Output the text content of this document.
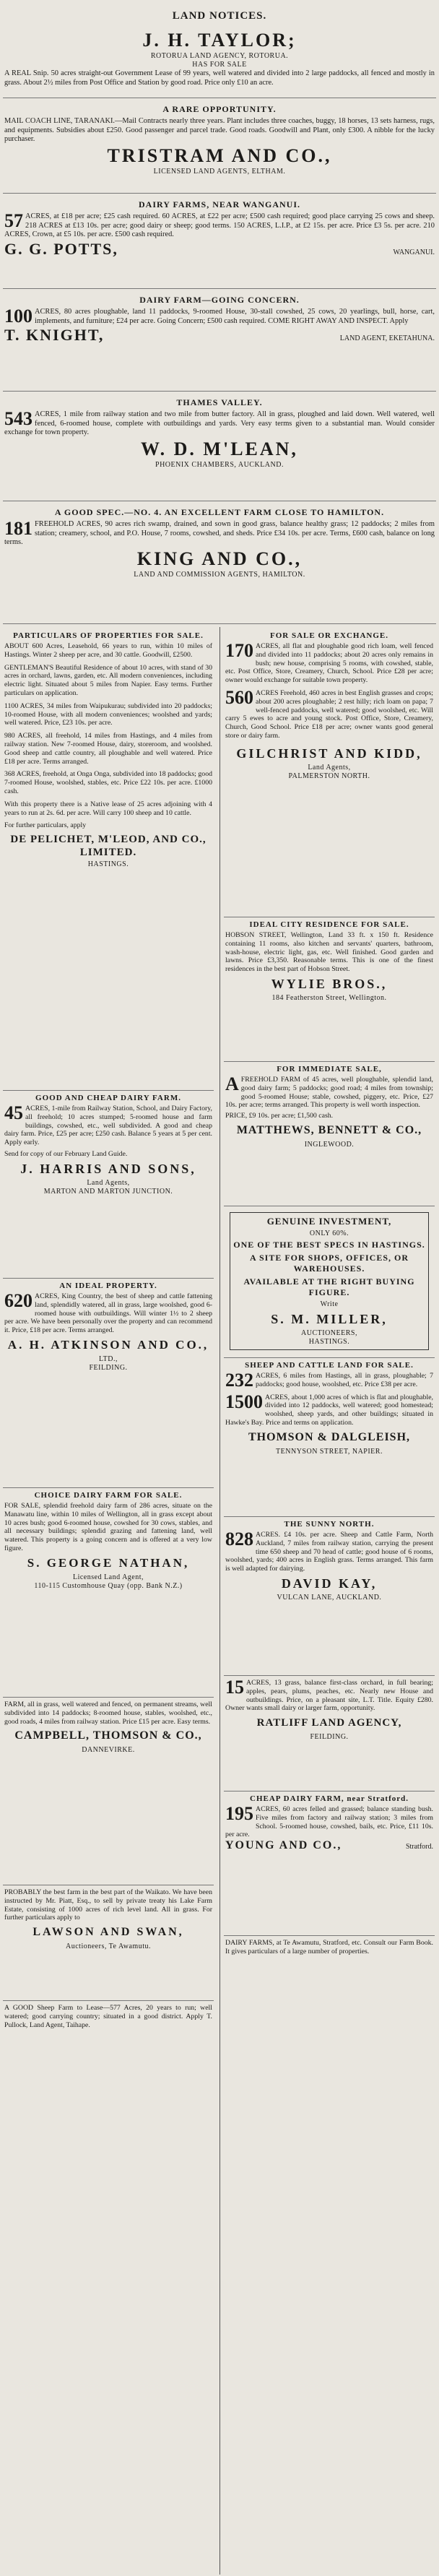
LAND NOTICES.
J. H. TAYLOR;
ROTORUA LAND AGENCY, ROTORUA.
HAS FOR SALE

A REAL Snip. 50 acres straight-out Government Lease of 99 years, well watered and divided into 2 large paddocks, all fenced and mostly in grass. About 2½ miles from Post Office and Station by good road. Price only £10 an acre.

A RARE OPPORTUNITY.

MAIL COACH LINE, TARANAKI.—Mail Contracts nearly three years. Plant includes three coaches, buggy, 18 horses, 13 sets harness, rugs, and equipments. Subsidies about £250. Good passenger and parcel trade. Good roads. Goodwill and Plant, only £300. A nibble for the lucky purchaser.

TRISTRAM AND CO.,
LICENSED LAND AGENTS, ELTHAM.
DAIRY FARMS, NEAR WANGANUI.

57 ACRES, at £18 per acre; £25 cash required. 60 ACRES, at £22 per acre; £500 cash required; good place carrying 25 cows and sheep. 218 ACRES at £13 10s. per acre; good dairy or sheep; good terms. 150 ACRES, L.I.P., at £2 15s. per acre. Price £3 5s. per acre. 210 ACRES, Crown, at £5 10s. per acre. £500 cash required.

G. G. POTTS,	WANGANUI.
DAIRY FARM—GOING CONCERN.

100 ACRES, 80 acres ploughable, land 11 paddocks, 9-roomed House, 30-stall cowshed, 25 cows, 20 yearlings, bull, horse, cart, implements, and furniture; £24 per acre. Going Concern; £500 cash required. COME RIGHT AWAY AND INSPECT. Apply

T. KNIGHT,	LAND AGENT, EKETAHUNA.
THAMES VALLEY.

543 ACRES, 1 mile from railway station and two mile from butter factory. All in grass, ploughed and laid down. Well watered, well fenced, 6-roomed house, complete with outbuildings and yards. Very easy terms given to a substantial man. Would consider exchange for town property.

W. D. M'LEAN,
PHOENIX CHAMBERS, AUCKLAND.
A GOOD SPEC.—NO. 4. AN EXCELLENT FARM CLOSE TO HAMILTON.

181 FREEHOLD ACRES, 90 acres rich swamp, drained, and sown in good grass, balance healthy grass; 12 paddocks; 2 miles from station; creamery, school, and P.O. House, 7 rooms, cowshed, and sheds. Price £34 10s. per acre. Terms, £600 cash, balance on long terms.

KING AND CO.,
LAND AND COMMISSION AGENTS, HAMILTON.
PARTICULARS OF PROPERTIES FOR SALE.

ABOUT 600 Acres, Leasehold, 66 years to run, within 10 miles of Hastings. Winter 2 sheep per acre, and 30 cattle. Goodwill, £2500.

GENTLEMAN'S Beautiful Residence of about 10 acres, with stand of 30 acres in orchard, lawns, garden, etc. All modern conveniences, including electric light. Situated about 5 miles from Napier. Easy terms. Further particulars on application.

1100 ACRES, 34 miles from Waipukurau; subdivided into 20 paddocks; 10-roomed House, with all modern conveniences; woolshed and yards; well watered. Price, £23 10s. per acre.

980 ACRES, all freehold, 14 miles from Hastings, and 4 miles from railway station. New 7-roomed House, dairy, storeroom, and woolshed. Good sheep and cattle country, all ploughable and well watered. Price £18 per acre. Terms arranged.

368 ACRES, freehold, at Onga Onga, subdivided into 18 paddocks; good 7-roomed House, woolshed, stables, etc. Price £22 10s. per acre. £1000 cash.

With this property there is a Native lease of 25 acres adjoining with 4 years to run at 2s. 6d. per acre. Will carry 100 sheep and 10 cattle.

For further particulars, apply

DE PELICHET, M'LEOD, AND CO., LIMITED.
HASTINGS.
GOOD AND CHEAP DAIRY FARM.

45 ACRES, 1-mile from Railway Station, School, and Dairy Factory, all freehold; 10 acres stumped; 5-roomed house and farm buildings, cowshed, etc., well subdivided. A good and cheap dairy farm. Price, £25 per acre; £250 cash. Balance 5 years at 5 per cent. Apply early.

Send for copy of our February Land Guide.

J. HARRIS AND SONS,
Land Agents,
MARTON AND MARTON JUNCTION.
AN IDEAL PROPERTY.

620 ACRES, King Country, the best of sheep and cattle fattening land, splendidly watered, all in grass, large woolshed, good 6-roomed house with outbuildings. Will winter 1½ to 2 sheep per acre. We have been personally over the property and can recommend it. Price, £18 per acre. Terms arranged.

A. H. ATKINSON AND CO.,
LTD.,
FEILDING.
CHOICE DAIRY FARM FOR SALE.

FOR SALE, splendid freehold dairy farm of 286 acres, situate on the Manawatu line, within 10 miles of Wellington, all in grass except about 10 acres bush; good 6-roomed house, cowshed for 30 cows, stables, and all necessary buildings; splendid grazing and fattening land, well watered. This property is a going concern and is offered at a very low figure.

S. GEORGE NATHAN,
Licensed Land Agent,
110-115 Customhouse Quay (opp. Bank N.Z.)

FARM, all in grass, well watered and fenced, on permanent streams, well subdivided into 14 paddocks; 8-roomed house, stables, woolshed, etc., good roads, 4 miles from railway station. Price £15 per acre. Easy terms.

CAMPBELL, THOMSON & CO.,
DANNEVIRKE.

PROBABLY the best farm in the best part of the Waikato. We have been instructed by Mr. Piatt, Esq., to sell by private treaty his Lake Farm Estate, consisting of 1000 acres of rich level land. All in grass. For further particulars apply to

LAWSON AND SWAN,
Auctioneers, Te Awamutu.

A GOOD Sheep Farm to Lease—577 Acres, 20 years to run; well watered; good carrying country; situated in a good district. Apply T. Pullock, Land Agent, Taihape.

FOR SALE OR EXCHANGE.

170 ACRES, all flat and ploughable good rich loam, well fenced and divided into 11 paddocks; about 20 acres only remains in bush; new house, comprising 5 rooms, with cowshed, stable, etc. Post Office, Store, Creamery, Church, School. Price £28 per acre; owner would exchange for suitable town property.

560 ACRES Freehold, 460 acres in best English grasses and crops; about 200 acres ploughable; 2 rest hilly; rich loam on papa; 7 well-fenced paddocks, well watered; good woolshed, etc. Will carry 5 ewes to acre and young stock. Post Office, Store, Creamery, Church, Good School. Price £18 per acre; owner wants good general store or dairy farm.

GILCHRIST AND KIDD,
Land Agents,
PALMERSTON NORTH.
IDEAL CITY RESIDENCE FOR SALE.

HOBSON STREET, Wellington, Land 33 ft. x 150 ft. Residence containing 11 rooms, also kitchen and servants' quarters, bathroom, wash-house, electric light, gas, etc. Well finished. Good garden and lawns. Price £3,350. Reasonable terms. This is one of the finest residences in the best part of Hobson Street.

WYLIE BROS.,
184 Featherston Street, Wellington.
FOR IMMEDIATE SALE,

AFREEHOLD FARM of 45 acres, well ploughable, splendid land, good dairy farm; 5 paddocks; good road; 4 miles from township; good 5-roomed House; stable, cowshed, piggery, etc. Price, £27 10s. per acre; terms arranged. This property is well worth inspection.

PRICE, £9 10s. per acre; £1,500 cash.

MATTHEWS, BENNETT & CO.,
INGLEWOOD.
GENUINE INVESTMENT,
ONLY 60%.
ONE OF THE BEST SPECS IN HASTINGS.
A SITE FOR SHOPS, OFFICES, OR WAREHOUSES.
AVAILABLE AT THE RIGHT BUYING FIGURE.
Write
S. M. MILLER,
AUCTIONEERS,
HASTINGS.
SHEEP AND CATTLE LAND FOR SALE.

232 ACRES, 6 miles from Hastings, all in grass, ploughable; 7 paddocks; good house, woolshed, etc. Price £38 per acre.

1500 ACRES, about 1,000 acres of which is flat and ploughable, divided into 12 paddocks, well watered; good homestead; woolshed, sheep yards, and other buildings; situated in Hawke's Bay. Price and terms on application.

THOMSON & DALGLEISH,
TENNYSON STREET, NAPIER.
THE SUNNY NORTH.

828 ACRES. £4 10s. per acre. Sheep and Cattle Farm, North Auckland, 7 miles from railway station, carrying the present time 650 sheep and 70 head of cattle; good house of 6 rooms, woolshed, yards; 400 acres in English grass. Terms arranged. This farm is well adapted for dairying.

DAVID KAY,
VULCAN LANE, AUCKLAND.

15 ACRES, 13 grass, balance first-class orchard, in full bearing; apples, pears, plums, peaches, etc. Nearly new House and outbuildings. Price, on a pleasant site, L.T. Title. Equity £280. Owner wants small dairy or larger farm, opportunity.

RATLIFF LAND AGENCY,
FEILDING.
CHEAP DAIRY FARM, near Stratford.

195 ACRES, 60 acres felled and grassed; balance standing bush. Five miles from factory and railway station; 3 miles from School. 5-roomed house, cowshed, bails, etc. Price, £11 10s. per acre.

YOUNG AND CO.,	Stratford.

DAIRY FARMS, at Te Awamutu, Stratford, etc. Consult our Farm Book. It gives particulars of a large number of properties.
